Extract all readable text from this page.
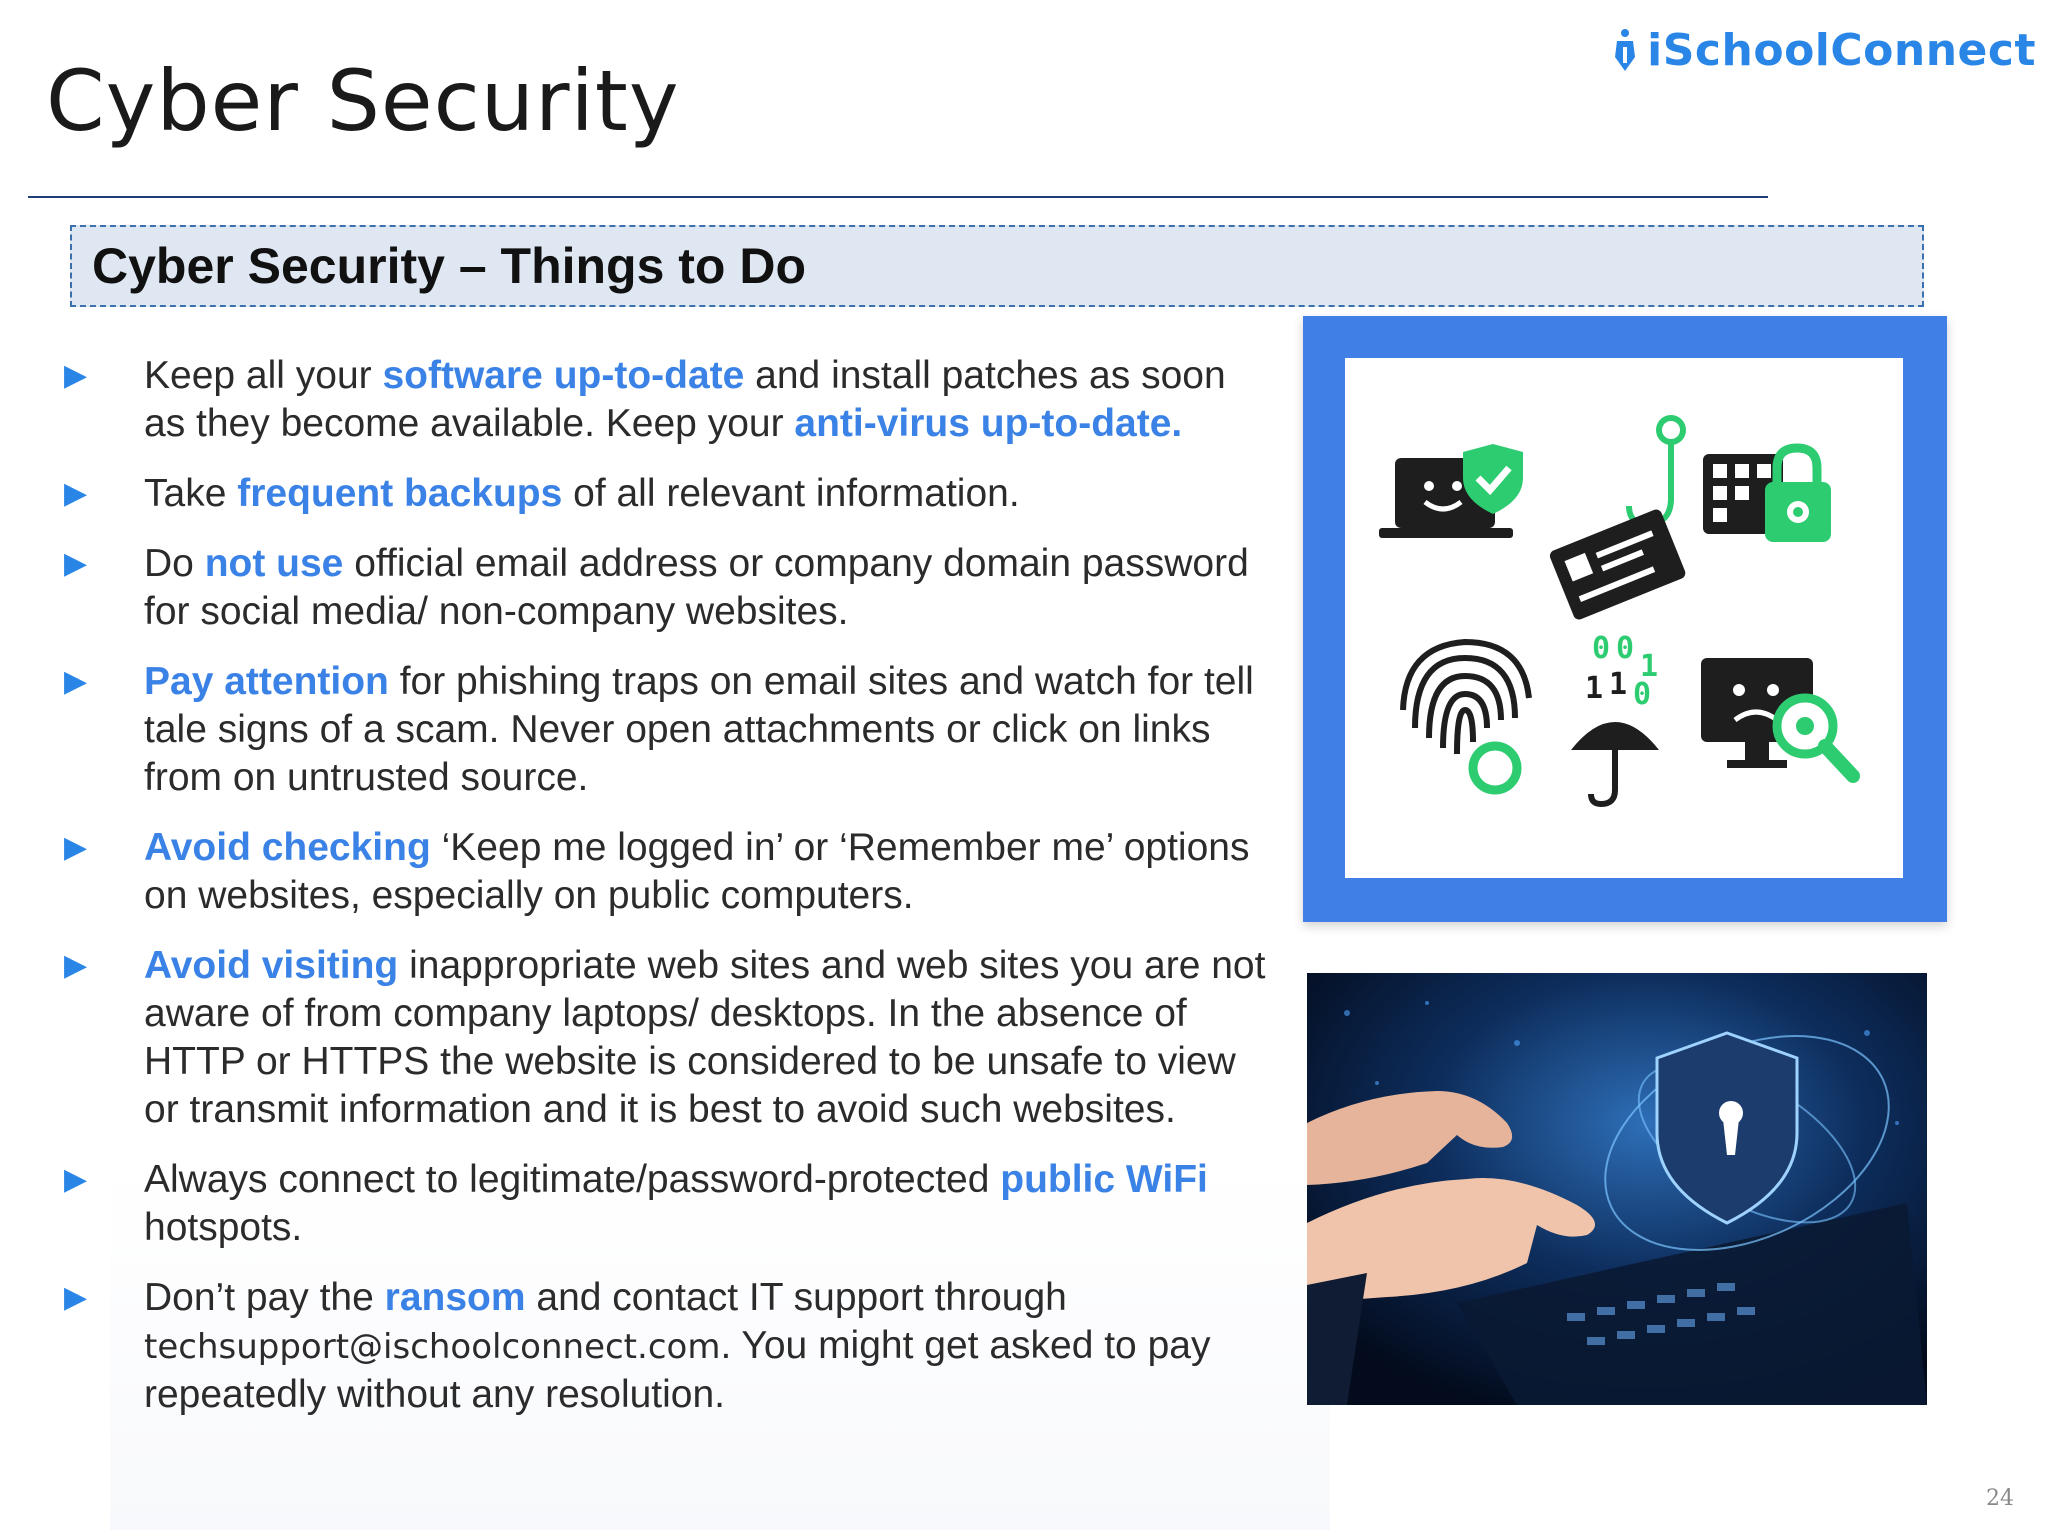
Cyber Security
iSchoolConnect
Cyber Security – Things to Do
▶	Keep all your software up-to-date and install patches as soon as they become available. Keep your anti-virus up-to-date.
▶	Take frequent backups of all relevant information.
▶	Do not use official email address or company domain password for social media/ non-company websites.
▶	Pay attention for phishing traps on email sites and watch for tell tale signs of a scam. Never open attachments or click on links from on untrusted source.
▶	Avoid checking ‘Keep me logged in’ or ‘Remember me’ options on websites, especially on public computers.
▶	Avoid visiting inappropriate web sites and web sites you are not aware of from company laptops/ desktops. In the absence of HTTP or HTTPS the website is considered to be unsafe to view or transmit information and it is best to avoid such websites.
▶	Always connect to legitimate/password-protected public WiFi hotspots.
▶	Don’t pay the ransom and contact IT support through techsupport@ischoolconnect.com. You might get asked to pay repeatedly without any resolution.
0 0
1
1 1 0
24
